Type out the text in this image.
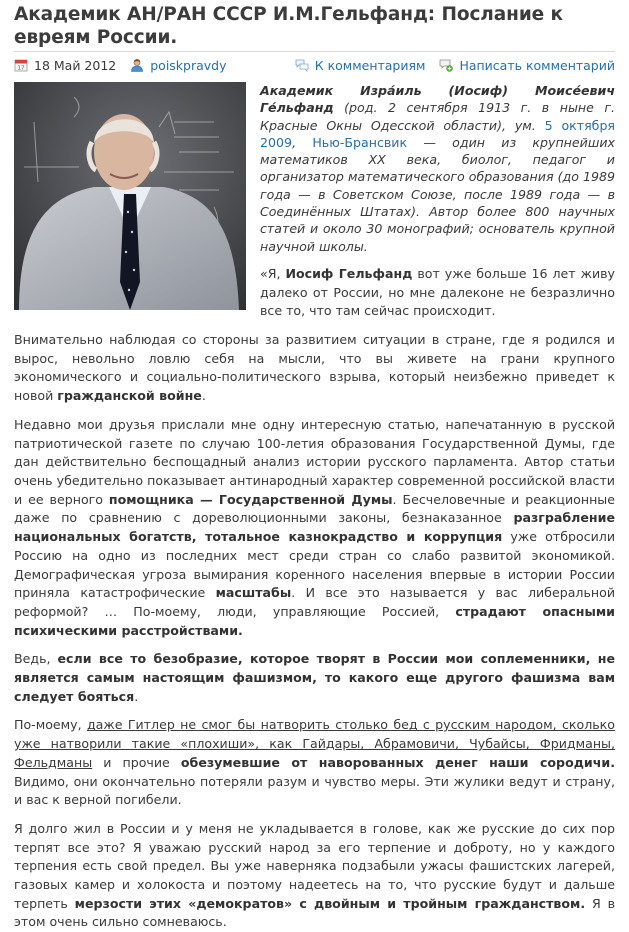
Академик АН/РАН СССР И.М.Гельфанд: Послание к евреям России.
17 18 Май 2012	poiskpravdy	К комментариям	Написать комментарий

Академик Изра́иль (Иосиф) Моисе́евич Ге́льфанд (род. 2 сентября 1913 г. в ныне г. Красные Окны Одесской области), ум. 5 октября 2009, Нью-Брансвик — один из крупнейших математиков XX века, биолог, педагог и организатор математического образования (до 1989 года — в Советском Союзе, после 1989 года — в Соединённых Штатах). Автор более 800 научных статей и около 30 монографий; основатель крупной научной школы.

«Я, Иосиф Гельфанд вот уже больше 16 лет живу далеко от России, но мне далеконе не безразлично все то, что там сейчас происходит.

Внимательно наблюдая со стороны за развитием ситуации в стране, где я родился и вырос, невольно ловлю себя на мысли, что вы живете на грани крупного экономического и социально-политического взрыва, который неизбежно приведет к новой гражданской войне.

Недавно мои друзья прислали мне одну интересную статью, напечатанную в русской патриотической газете по случаю 100-летия образования Государственной Думы, где дан действительно беспощадный анализ истории русского парламента. Автор статьи очень убедительно показывает антинародный характер современной российской власти и ее верного помощника — Государственной Думы. Бесчеловечные и реакционные даже по сравнению с дореволюционными законы, безнаказанное разграбление национальных богатств, тотальное казнокрадство и коррупция уже отбросили Россию на одно из последних мест среди стран со слабо развитой экономикой. Демографическая угроза вымирания коренного населения впервые в истории России приняла катастрофические масштабы. И все это называется у вас либеральной реформой? … По-моему, люди, управляющие Россией, страдают опасными психическими расстройствами.

Ведь, если все то безобразие, которое творят в России мои соплеменники, не является самым настоящим фашизмом, то какого еще другого фашизма вам следует бояться.

По-моему, даже Гитлер не смог бы натворить столько бед с русским народом, сколько уже натворили такие «плохиши», как Гайдары, Абрамовичи, Чубайсы, Фридманы, Фельдманы и прочие обезумевшие от наворованных денег наши сородичи. Видимо, они окончательно потеряли разум и чувство меры. Эти жулики ведут и страну, и вас к верной погибели.

Я долго жил в России и у меня не укладывается в голове, как же русские до сих пор терпят все это? Я уважаю русский народ за его терпение и доброту, но у каждого терпения есть свой предел. Вы уже наверняка подзабыли ужасы фашистских лагерей, газовых камер и холокоста и поэтому надеетесь на то, что русские будут и дальше терпеть мерзости этих «демократов» с двойным и тройным гражданством. Я в этом очень сильно сомневаюсь.
